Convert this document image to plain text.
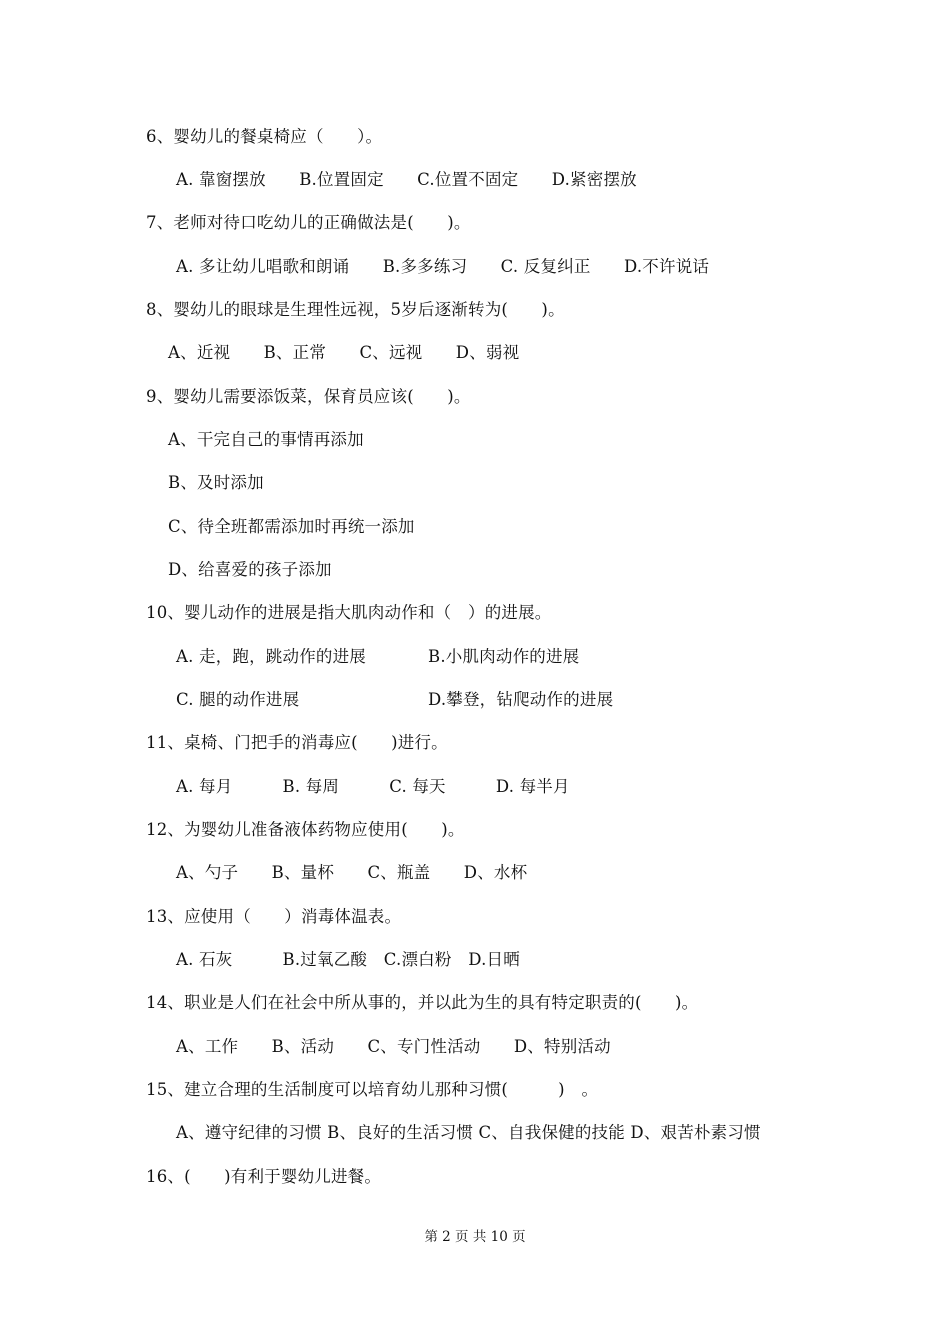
6、婴幼儿的餐桌椅应（　　）。
A. 靠窗摆放　　B.位置固定　　C.位置不固定　　D.紧密摆放
7、老师对待口吃幼儿的正确做法是(　　)。
A. 多让幼儿唱歌和朗诵　　B.多多练习　　C. 反复纠正　　D.不许说话
8、婴幼儿的眼球是生理性远视，5岁后逐渐转为(　　)。
A、近视　　B、正常　　C、远视　　D、弱视
9、婴幼儿需要添饭菜，保育员应该(　　)。
A、干完自己的事情再添加
B、及时添加
C、待全班都需添加时再统一添加
D、给喜爱的孩子添加
10、婴儿动作的进展是指大肌肉动作和（　）的进展。
A. 走，跑，跳动作的进展	B.小肌肉动作的进展
C. 腿的动作进展	D.攀登，钻爬动作的进展
11、桌椅、门把手的消毒应(　　)进行。
A. 每月　　　B. 每周　　　C. 每天　　　D. 每半月
12、为婴幼儿准备液体药物应使用(　　)。
A、勺子　　B、量杯　　C、瓶盖　　D、水杯
13、应使用（　　）消毒体温表。
A. 石灰　　　B.过氧乙酸　C.漂白粉　D.日晒
14、职业是人们在社会中所从事的，并以此为生的具有特定职责的(　　)。
A、工作　　B、活动　　C、专门性活动　　D、特别活动
15、建立合理的生活制度可以培育幼儿那种习惯(　　　)　。
A、遵守纪律的习惯 B、良好的生活习惯 C、自我保健的技能 D、艰苦朴素习惯
16、(　　)有利于婴幼儿进餐。
第 2 页 共 10 页
